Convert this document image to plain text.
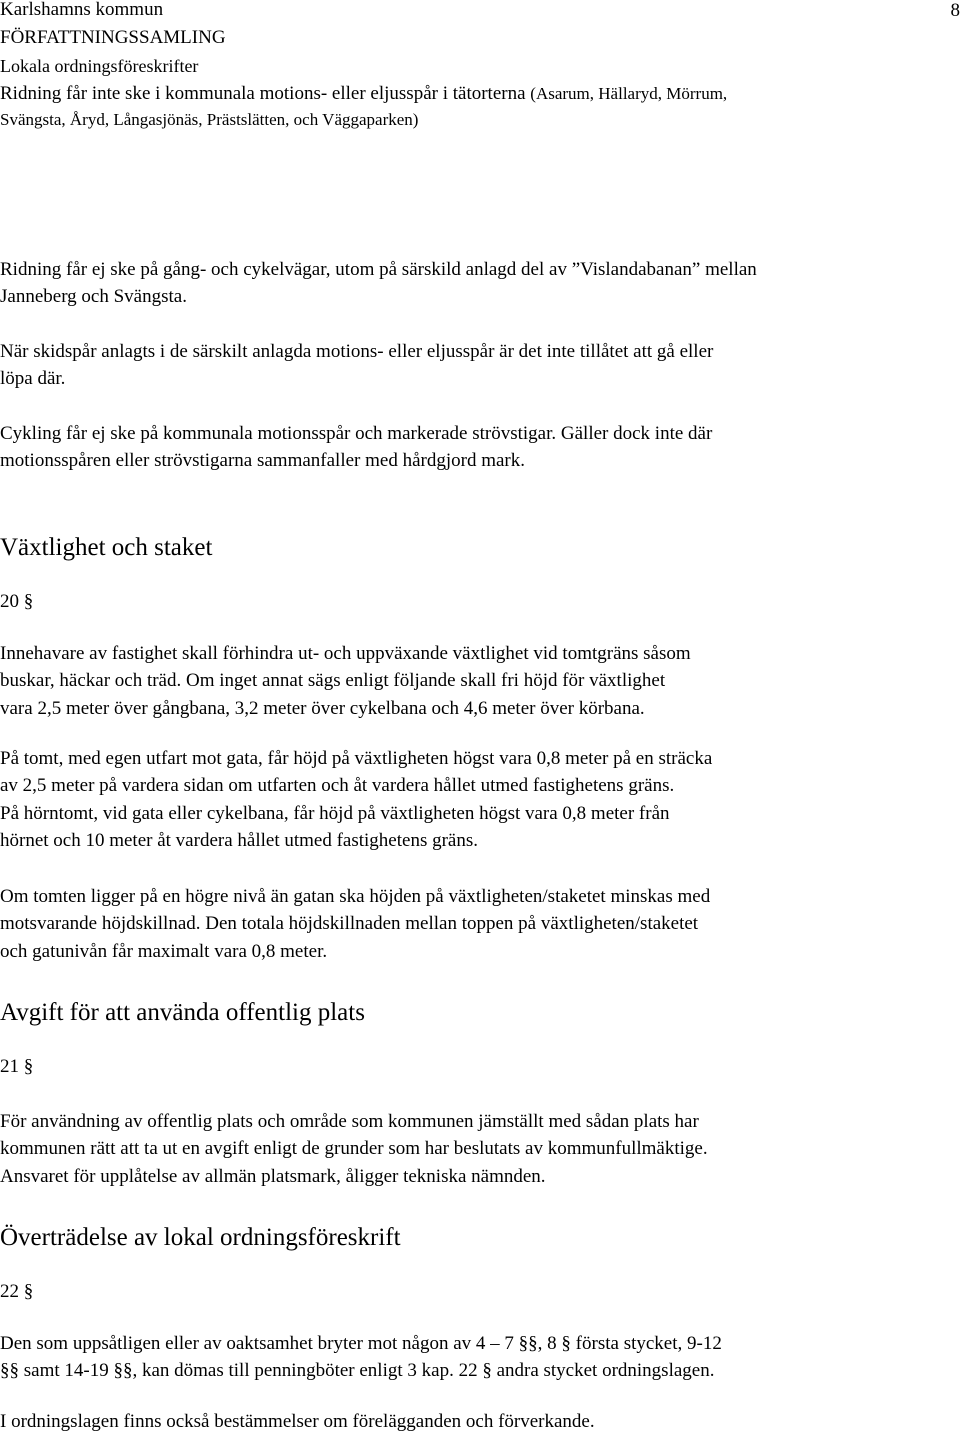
Karlshamns kommun
FÖRFATTNINGSSAMLING
Lokala ordningsföreskrifter
8
Ridning får inte ske i kommunala motions- eller eljusspår i tätorterna (Asarum, Hällaryd, Mörrum,
Svängsta, Åryd, Långasjönäs, Prästslätten, och Väggaparken)
Ridning får ej ske på gång- och cykelvägar, utom på särskild anlagd del av ”Vislandabanan” mellan
Janneberg och Svängsta.
När skidspår anlagts i de särskilt anlagda motions- eller eljusspår är det inte tillåtet att gå eller
löpa där.
Cykling får ej ske på kommunala motionsspår och markerade strövstigar. Gäller dock inte där
motionsspåren eller strövstigarna sammanfaller med hårdgjord mark.
Växtlighet och staket
20 §
Innehavare av fastighet skall förhindra ut- och uppväxande växtlighet vid tomtgräns såsom
buskar, häckar och träd. Om inget annat sägs enligt följande skall fri höjd för växtlighet
vara 2,5 meter över gångbana, 3,2 meter över cykelbana och 4,6 meter över körbana.
På tomt, med egen utfart mot gata, får höjd på växtligheten högst vara 0,8 meter på en sträcka
av 2,5 meter på vardera sidan om utfarten och åt vardera hållet utmed fastighetens gräns.
På hörntomt, vid gata eller cykelbana, får höjd på växtligheten högst vara 0,8 meter från
hörnet och 10 meter åt vardera hållet utmed fastighetens gräns.
Om tomten ligger på en högre nivå än gatan ska höjden på växtligheten/staketet minskas med
motsvarande höjdskillnad. Den totala höjdskillnaden mellan toppen på växtligheten/staketet
och gatunivån får maximalt vara 0,8 meter.
Avgift för att använda offentlig plats
21 §
För användning av offentlig plats och område som kommunen jämställt med sådan plats har
kommunen rätt att ta ut en avgift enligt de grunder som har beslutats av kommunfullmäktige.
Ansvaret för upplåtelse av allmän platsmark, åligger tekniska nämnden.
Överträdelse av lokal ordningsföreskrift
22 §
Den som uppsåtligen eller av oaktsamhet bryter mot någon av 4 – 7 §§, 8 § första stycket, 9-12
§§ samt 14-19 §§, kan dömas till penningböter enligt 3 kap. 22 § andra stycket ordningslagen.
I ordningslagen finns också bestämmelser om förelägganden och förverkande.
